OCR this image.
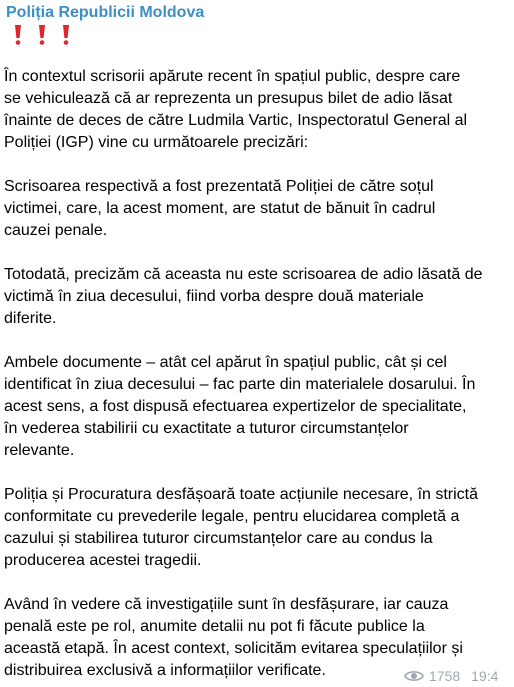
Poliția Republicii Moldova
În contextul scrisorii apărute recent în spațiul public, despre care
se vehiculează că ar reprezenta un presupus bilet de adio lăsat
înainte de deces de către Ludmila Vartic, Inspectoratul General al
Poliției (IGP) vine cu următoarele precizări:
Scrisoarea respectivă a fost prezentată Poliției de către soțul
victimei, care, la acest moment, are statut de bănuit în cadrul
cauzei penale.
Totodată, precizăm că aceasta nu este scrisoarea de adio lăsată de
victimă în ziua decesului, fiind vorba despre două materiale
diferite.
Ambele documente – atât cel apărut în spațiul public, cât și cel
identificat în ziua decesului – fac parte din materialele dosarului. În
acest sens, a fost dispusă efectuarea expertizelor de specialitate,
în vederea stabilirii cu exactitate a tuturor circumstanțelor
relevante.
Poliția și Procuratura desfășoară toate acțiunile necesare, în strictă
conformitate cu prevederile legale, pentru elucidarea completă a
cazului și stabilirea tuturor circumstanțelor care au condus la
producerea acestei tragedii.
Având în vedere că investigațiile sunt în desfășurare, iar cauza
penală este pe rol, anumite detalii nu pot fi făcute publice la
această etapă. În acest context, solicităm evitarea speculațiilor și
distribuirea exclusivă a informațiilor verificate.	1758 19:4
